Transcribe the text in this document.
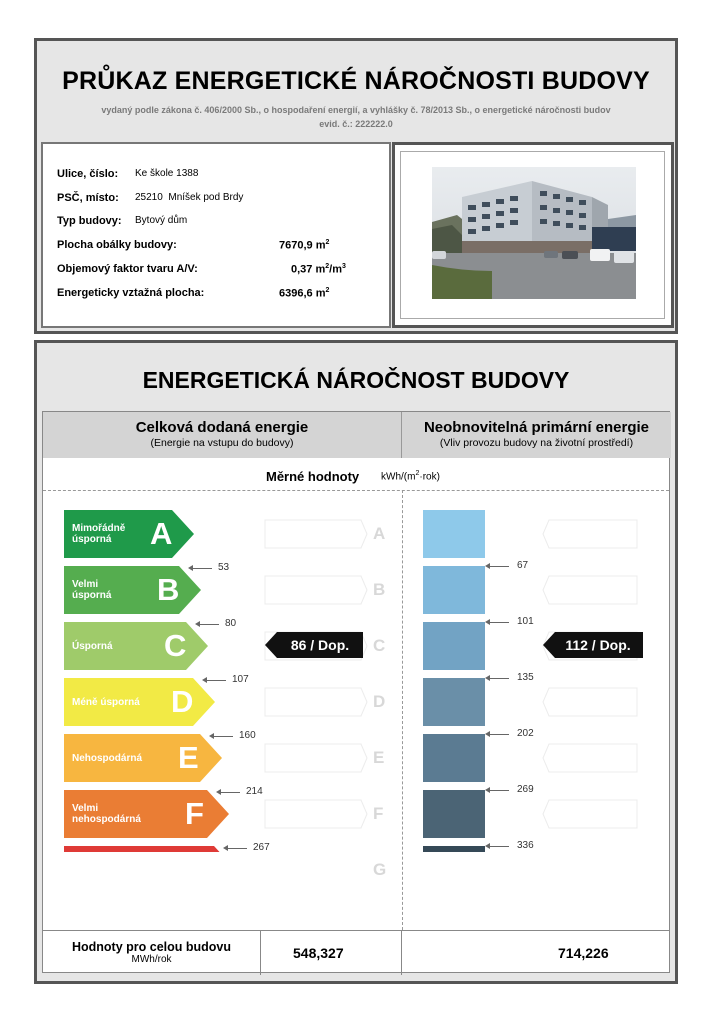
PRŮKAZ ENERGETICKÉ NÁROČNOSTI BUDOVY
vydaný podle zákona č. 406/2000 Sb., o hospodaření energií, a vyhlášky č. 78/2013 Sb., o energetické náročnosti budov
evid. č.: 222222.0
Ulice, číslo: Ke škole 1388
PSČ, místo: 25210  Mníšek pod Brdy
Typ budovy: Bytový dům
Plocha obálky budovy:	7670,9 $m^2$
Objemový faktor tvaru A/V:	0,37 $m^2/m^3$
Energeticky vztažná plocha:	6396,6 $m^2$
ENERGETICKÁ NÁROČNOST BUDOVY
Celková dodaná energie
(Energie na vstupu do budovy)
Neobnovitelná primární energie
(Vliv provozu budovy na životní prostředí)
Měrné hodnoty kWh/$(m^2\cdot rok)$
Mimořádně
úsporná	A	A
Velmi
úsporná B	B
Úsporná C	C
Méně úsporná D	D
Nehospodárná E	E
Velmi
nehospodárná F	F
Mimořádně
nehospodárná G	G
53
80
107
160
214
267
67
101
135
202
269
336
86 / Dop.	112 / Dop.
Hodnoty pro celou budovu
MWh/rok	548,327	714,226
